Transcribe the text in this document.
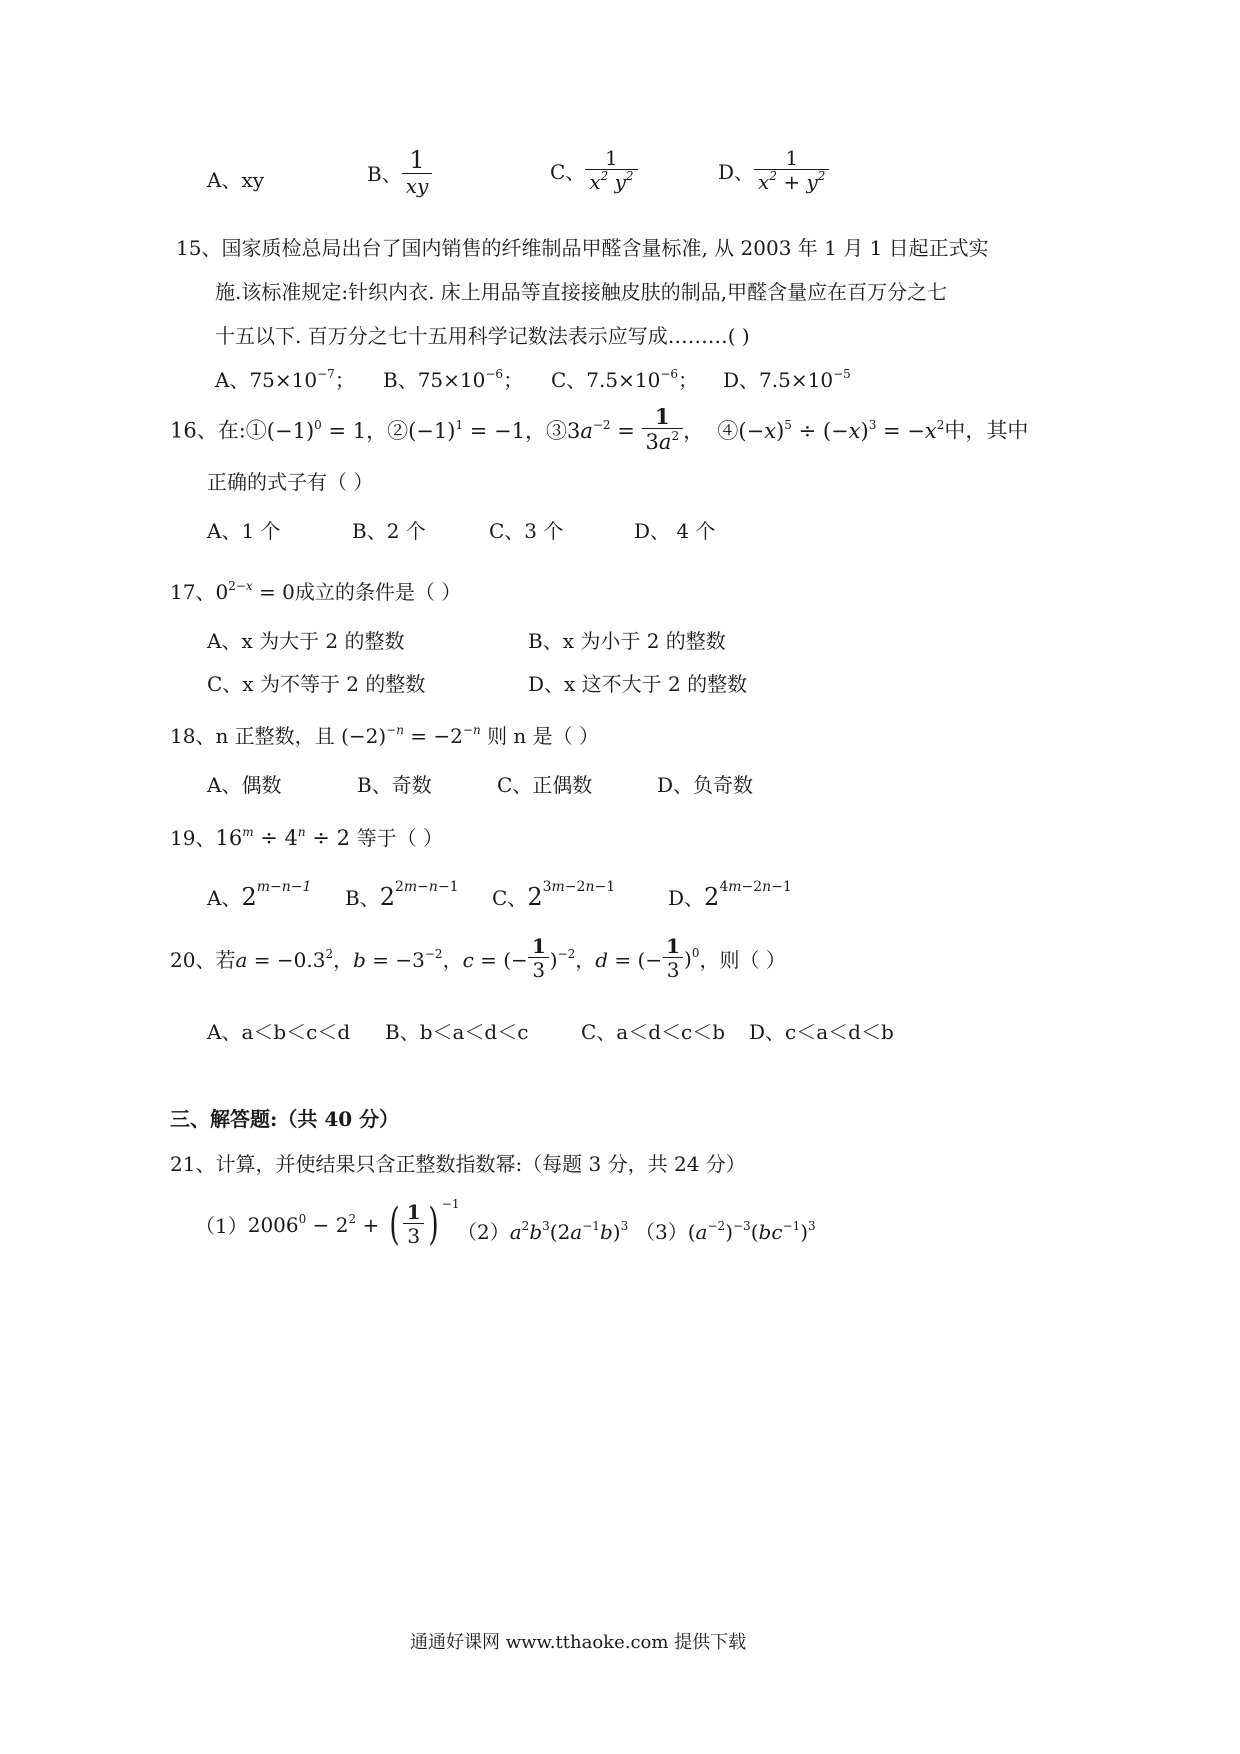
A、xy	B、 $\frac{1}{xy}$	C、 $\frac{1}{x^2 y^2}$	D、 $\frac{1}{x^2 + y^2}$
15、国家质检总局出台了国内销售的纤维制品甲醛含量标准, 从 2003 年 1 月 1 日起正式实
施.该标准规定:针织内衣. 床上用品等直接接触皮肤的制品,甲醛含量应在百万分之七
十五以下. 百万分之七十五用科学记数法表示应写成………( )
A、$75\times 10^{-7}$； B、$75\times 10^{-6}$； C、$7.5\times 10^{-6}$； D、$7.5\times 10^{-5}$
16、在$:①(-1)^0 = 1$，$②(-1)^1 = -1$，$③3a^{-2} = \frac{1}{3a^2}$ ，  $④(-x)^5 \div (-x)^3 = -x^2$中，其中
正确的式子有（ ）
A、1 个	B、2 个	C、3 个	D、 4 个
17、$0^{2-x} = 0$成立的条件是（ ）
A、x 为大于 2 的整数	B、x 为小于 2 的整数
C、x 为不等于 2 的整数	D、x 这不大于 2 的整数
18、n 正整数，且 $(-2)^{-n} = -2^{-n}$ 则 n 是（ ）
A、偶数	B、奇数	C、正偶数	D、负奇数
19、$16^m \div 4^n \div 2$ 等于（ ）
A、$2^{m-n-1}$ B、$2^{2m-n-1}$ C、$2^{3m-2n-1}$	D、$2^{4m-2n-1}$
20、若$a = -0.3^2$，$b = -3^{-2}$，c = (− $\frac{1}{3} )^{-2}$，d = (− $\frac{1}{3} )^0$，则（ ）
A、a＜b＜c＜d B、b＜a＜d＜c	C、a＜d＜c＜b D、c＜a＜d＜b
三、解答题:（共 40 分）
21、计算，并使结果只含正整数指数幂:（每题 3 分，共 24 分）
$(1)2006^0 - 2^2$ + ( $\frac{1}{3}$ ) $^{-1}$
$(2)a^2b^3(2a^{-1}b)^3$ $(3)(a^{-2})^{-3}(bc^{-1})^3$
通通好课网 www.tthaoke.com 提供下载
